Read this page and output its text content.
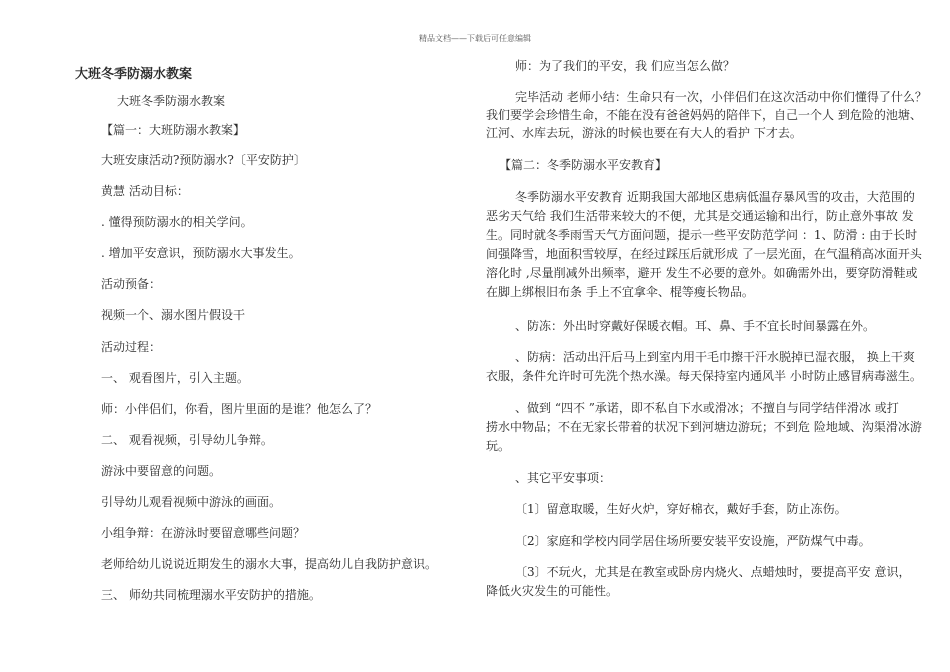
精品文档——下载后可任意编辑

大班冬季防溺水教案

大班冬季防溺水教案

【篇一：大班防溺水教案】

大班安康活动?预防溺水?〔平安防护〕

黄慧 活动目标：

. 懂得预防溺水的相关学问。

. 增加平安意识，预防溺水大事发生。

活动预备：

视频一个、溺水图片假设干

活动过程：

一、 观看图片，引入主题。

师：小伴侣们，你看，图片里面的是谁？他怎么了？

二、 观看视频，引导幼儿争辩。

游泳中要留意的问题。

引导幼儿观看视频中游泳的画面。

小组争辩：在游泳时要留意哪些问题？

老师给幼儿说说近期发生的溺水大事，提高幼儿自我防护意识。

三、 师幼共同梳理溺水平安防护的措施。

师：为了我们的平安，我 们应当怎么做？

完毕活动 老师小结：生命只有一次，小伴侣们在这次活动中你们懂得了什么？

我们要学会珍惜生命，不能在没有爸爸妈妈的陪伴下，自己一个人 到危险的池塘、

江河、水库去玩，游泳的时候也要在有大人的看护 下才去。

【篇二：冬季防溺水平安教育】

冬季防溺水平安教育 近期我国大部地区患病低温存暴风雪的攻击，大范围的

恶劣天气给 我们生活带来较大的不便，尤其是交通运输和出行，防止意外事故 发

生。同时就冬季雨雪天气方面问题，提示一些平安防范学问 ：1、防滑 : 由于长时

间强降雪，地面积雪较厚，在经过踩压后就形成 了一层光面，在气温稍高冰面开头

溶化时 ,尽量削减外出频率，避开 发生不必要的意外。如确需外出，要穿防滑鞋或

在脚上绑根旧布条 手上不宜拿伞、棍等瘦长物品。

、防冻：外出时穿戴好保暖衣帽。耳、鼻、手不宜长时间暴露在外。

、防病：活动出汗后马上到室内用干毛巾擦干汗水脱掉已湿衣服， 换上干爽

衣服，条件允许时可先洗个热水澡。每天保持室内通风半 小时防止感冒病毒滋生。

、做到 “四不 ”承诺，即不私自下水或滑冰；不擅自与同学结伴滑冰 或打

捞水中物品；不在无家长带着的状况下到河塘边游玩；不到危 险地域、沟渠滑冰游

玩。

、其它平安事项：

〔1〕留意取暖，生好火炉，穿好棉衣，戴好手套，防止冻伤。

〔2〕家庭和学校内同学居住场所要安装平安设施，严防煤气中毒。

〔3〕不玩火，尤其是在教室或卧房内烧火、点蜡烛时，要提高平安 意识，

降低火灾发生的可能性。
